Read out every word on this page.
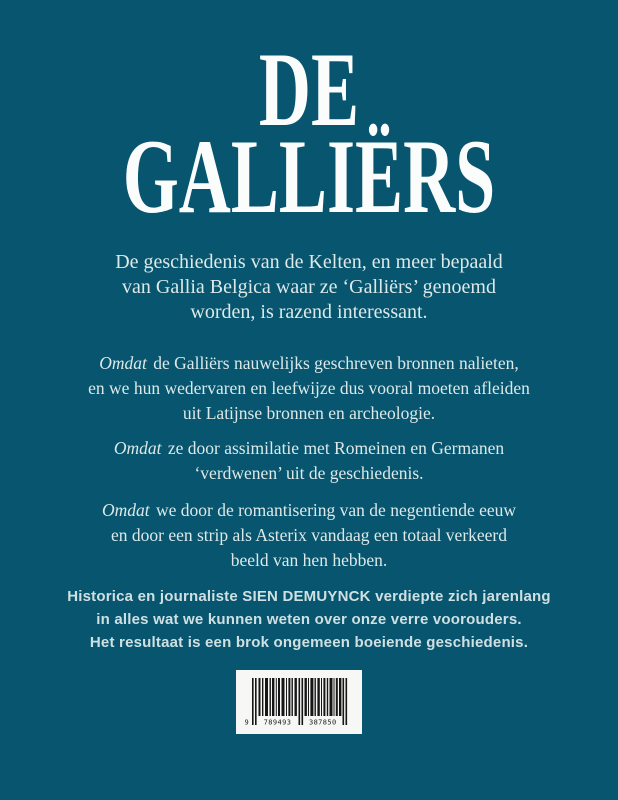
DE
GALLIËRS

De geschiedenis van de Kelten, en meer bepaald
van Gallia Belgica waar ze ‘Galliërs’ genoemd
worden, is razend interessant.

Omdat de Galliërs nauwelijks geschreven bronnen nalieten,
en we hun wedervaren en leefwijze dus vooral moeten afleiden
uit Latijnse bronnen en archeologie.

Omdat ze door assimilatie met Romeinen en Germanen
‘verdwenen’ uit de geschiedenis.

Omdat we door de romantisering van de negentiende eeuw
en door een strip als Asterix vandaag een totaal verkeerd
beeld van hen hebben.

Historica en journaliste SIEN DEMUYNCK verdiepte zich jarenlang
in alles wat we kunnen weten over onze verre voorouders.
Het resultaat is een brok ongemeen boeiende geschiedenis.

9 789493	387850
